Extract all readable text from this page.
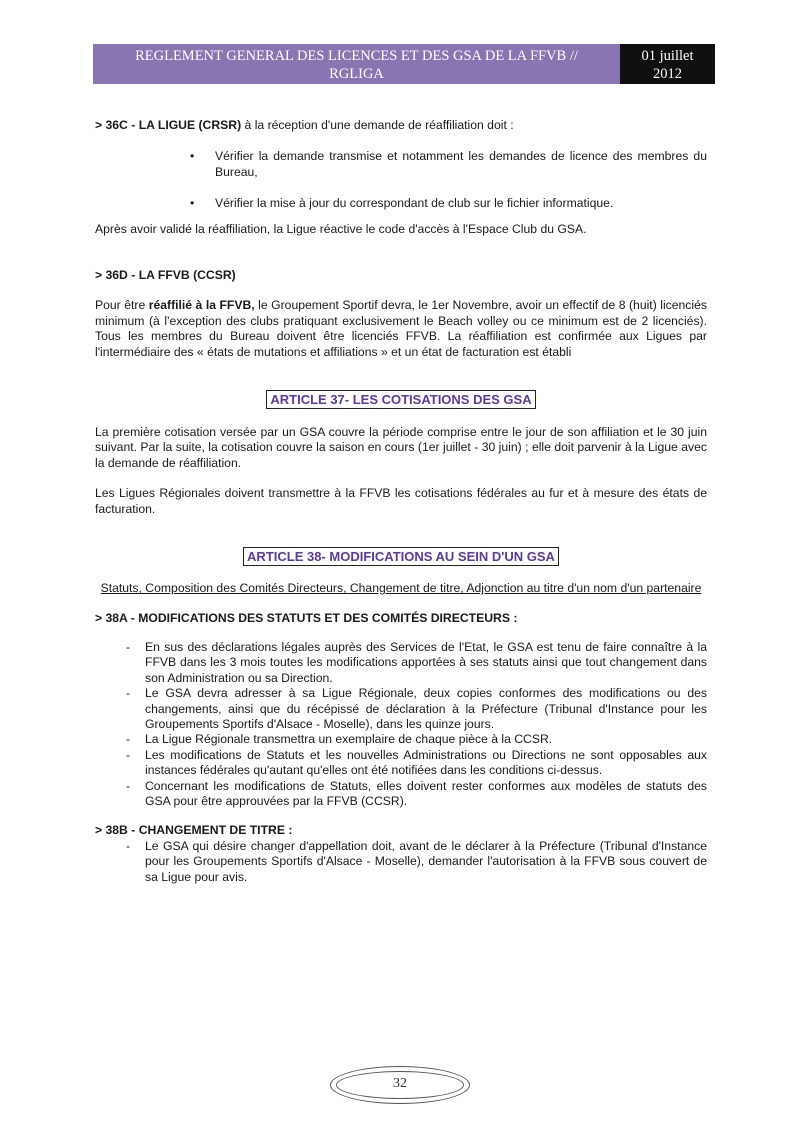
REGLEMENT GENERAL DES LICENCES ET DES GSA DE LA FFVB //
RGLIGA
01 juillet
2012

> 36C - LA LIGUE (CRSR) à la réception d'une demande de réaffiliation doit :

• Vérifier la demande transmise et notamment les demandes de licence des membres du Bureau,
• Vérifier la mise à jour du correspondant de club sur le fichier informatique.

Après avoir validé la réaffiliation, la Ligue réactive le code d'accès à l'Espace Club du GSA.

> 36D - LA FFVB (CCSR)

Pour être réaffilié à la FFVB, le Groupement Sportif devra, le 1er Novembre, avoir un effectif de 8 (huit) licenciés minimum (à l'exception des clubs pratiquant exclusivement le Beach volley ou ce minimum est de 2 licenciés). Tous les membres du Bureau doivent être licenciés FFVB. La réaffiliation est confirmée aux Ligues par l'intermédiaire des « états de mutations et affiliations » et un état de facturation est établi

ARTICLE 37- LES COTISATIONS DES GSA

La première cotisation versée par un GSA couvre la période comprise entre le jour de son affiliation et le 30 juin suivant. Par la suite, la cotisation couvre la saison en cours (1er juillet - 30 juin) ; elle doit parvenir à la Ligue avec la demande de réaffiliation.

Les Ligues Régionales doivent transmettre à la FFVB les cotisations fédérales au fur et à mesure des états de facturation.

ARTICLE 38- MODIFICATIONS AU SEIN D'UN GSA

Statuts, Composition des Comités Directeurs, Changement de titre, Adjonction au titre d'un nom d'un partenaire

> 38A - MODIFICATIONS DES STATUTS ET DES COMITÉS DIRECTEURS :

- En sus des déclarations légales auprès des Services de l'Etat, le GSA est tenu de faire connaître à la FFVB dans les 3 mois toutes les modifications apportées à ses statuts ainsi que tout changement dans son Administration ou sa Direction.
- Le GSA devra adresser à sa Ligue Régionale, deux copies conformes des modifications ou des changements, ainsi que du récépissé de déclaration à la Préfecture (Tribunal d'Instance pour les Groupements Sportifs d'Alsace - Moselle), dans les quinze jours.
- La Ligue Régionale transmettra un exemplaire de chaque pièce à la CCSR.
- Les modifications de Statuts et les nouvelles Administrations ou Directions ne sont opposables aux instances fédérales qu'autant qu'elles ont été notifiées dans les conditions ci-dessus.
- Concernant les modifications de Statuts, elles doivent rester conformes aux modèles de statuts des GSA pour être approuvées par la FFVB (CCSR).

> 38B - CHANGEMENT DE TITRE :

- Le GSA qui désire changer d'appellation doit, avant de le déclarer à la Préfecture (Tribunal d'Instance pour les Groupements Sportifs d'Alsace - Moselle), demander l'autorisation à la FFVB sous couvert de sa Ligue pour avis.
32
